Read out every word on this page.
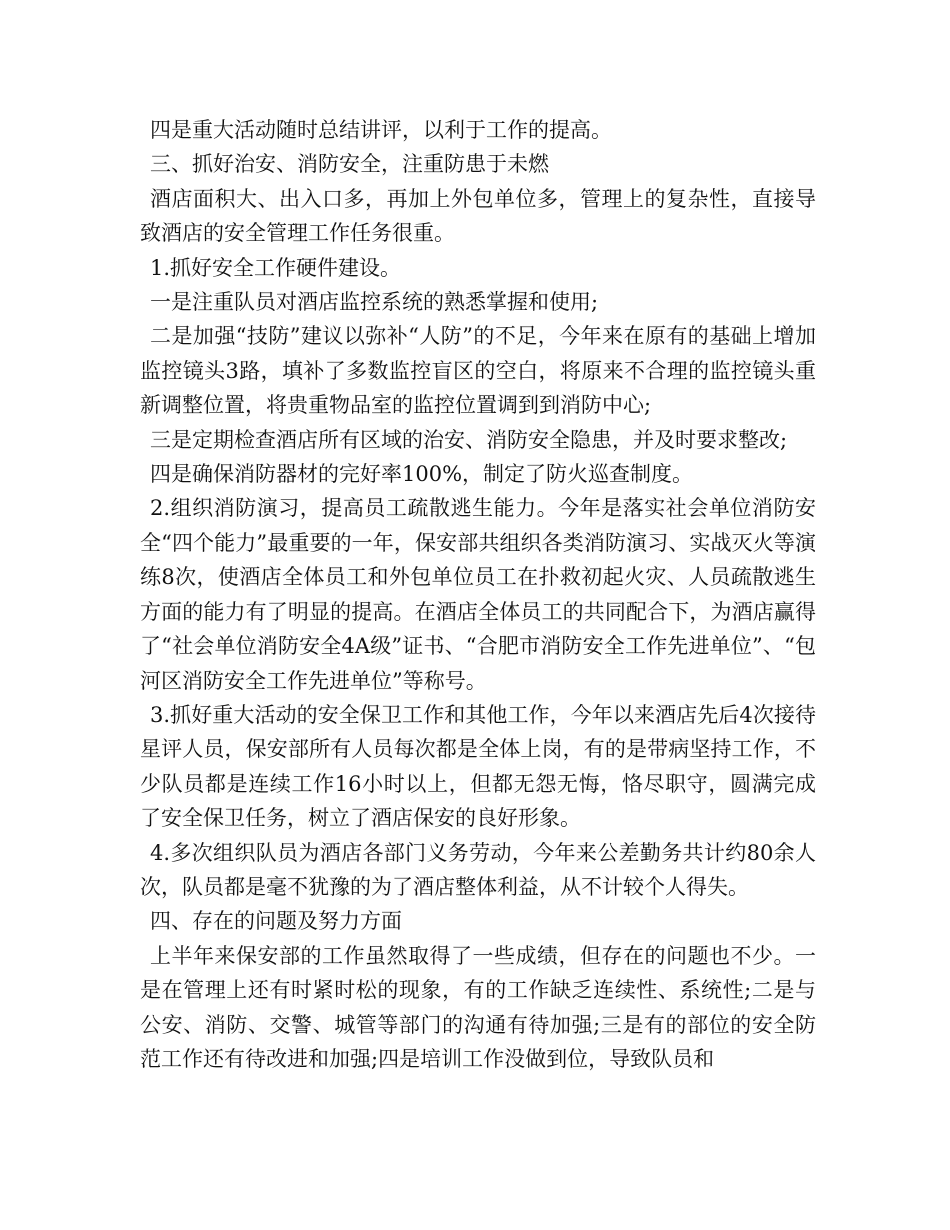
四是重大活动随时总结讲评，以利于工作的提高。

三、抓好治安、消防安全，注重防患于未燃

酒店面积大、出入口多，再加上外包单位多，管理上的复杂性，直接导致酒店的安全管理工作任务很重。

1.抓好安全工作硬件建设。

一是注重队员对酒店监控系统的熟悉掌握和使用;

二是加强“技防”建议以弥补“人防”的不足，今年来在原有的基础上增加监控镜头3路，填补了多数监控盲区的空白，将原来不合理的监控镜头重新调整位置，将贵重物品室的监控位置调到到消防中心;

三是定期检查酒店所有区域的治安、消防安全隐患，并及时要求整改;

四是确保消防器材的完好率100%，制定了防火巡查制度。

2.组织消防演习，提高员工疏散逃生能力。今年是落实社会单位消防安全“四个能力”最重要的一年，保安部共组织各类消防演习、实战灭火等演练8次，使酒店全体员工和外包单位员工在扑救初起火灾、人员疏散逃生方面的能力有了明显的提高。在酒店全体员工的共同配合下，为酒店赢得了“社会单位消防安全4A级”证书、“合肥市消防安全工作先进单位”、“包河区消防安全工作先进单位”等称号。

3.抓好重大活动的安全保卫工作和其他工作，今年以来酒店先后4次接待星评人员，保安部所有人员每次都是全体上岗，有的是带病坚持工作，不少队员都是连续工作16小时以上，但都无怨无悔，恪尽职守，圆满完成了安全保卫任务，树立了酒店保安的良好形象。

4.多次组织队员为酒店各部门义务劳动，今年来公差勤务共计约80余人次，队员都是毫不犹豫的为了酒店整体利益，从不计较个人得失。

四、存在的问题及努力方面

上半年来保安部的工作虽然取得了一些成绩，但存在的问题也不少。一是在管理上还有时紧时松的现象，有的工作缺乏连续性、系统性;二是与公安、消防、交警、城管等部门的沟通有待加强;三是有的部位的安全防范工作还有待改进和加强;四是培训工作没做到位，导致队员和
